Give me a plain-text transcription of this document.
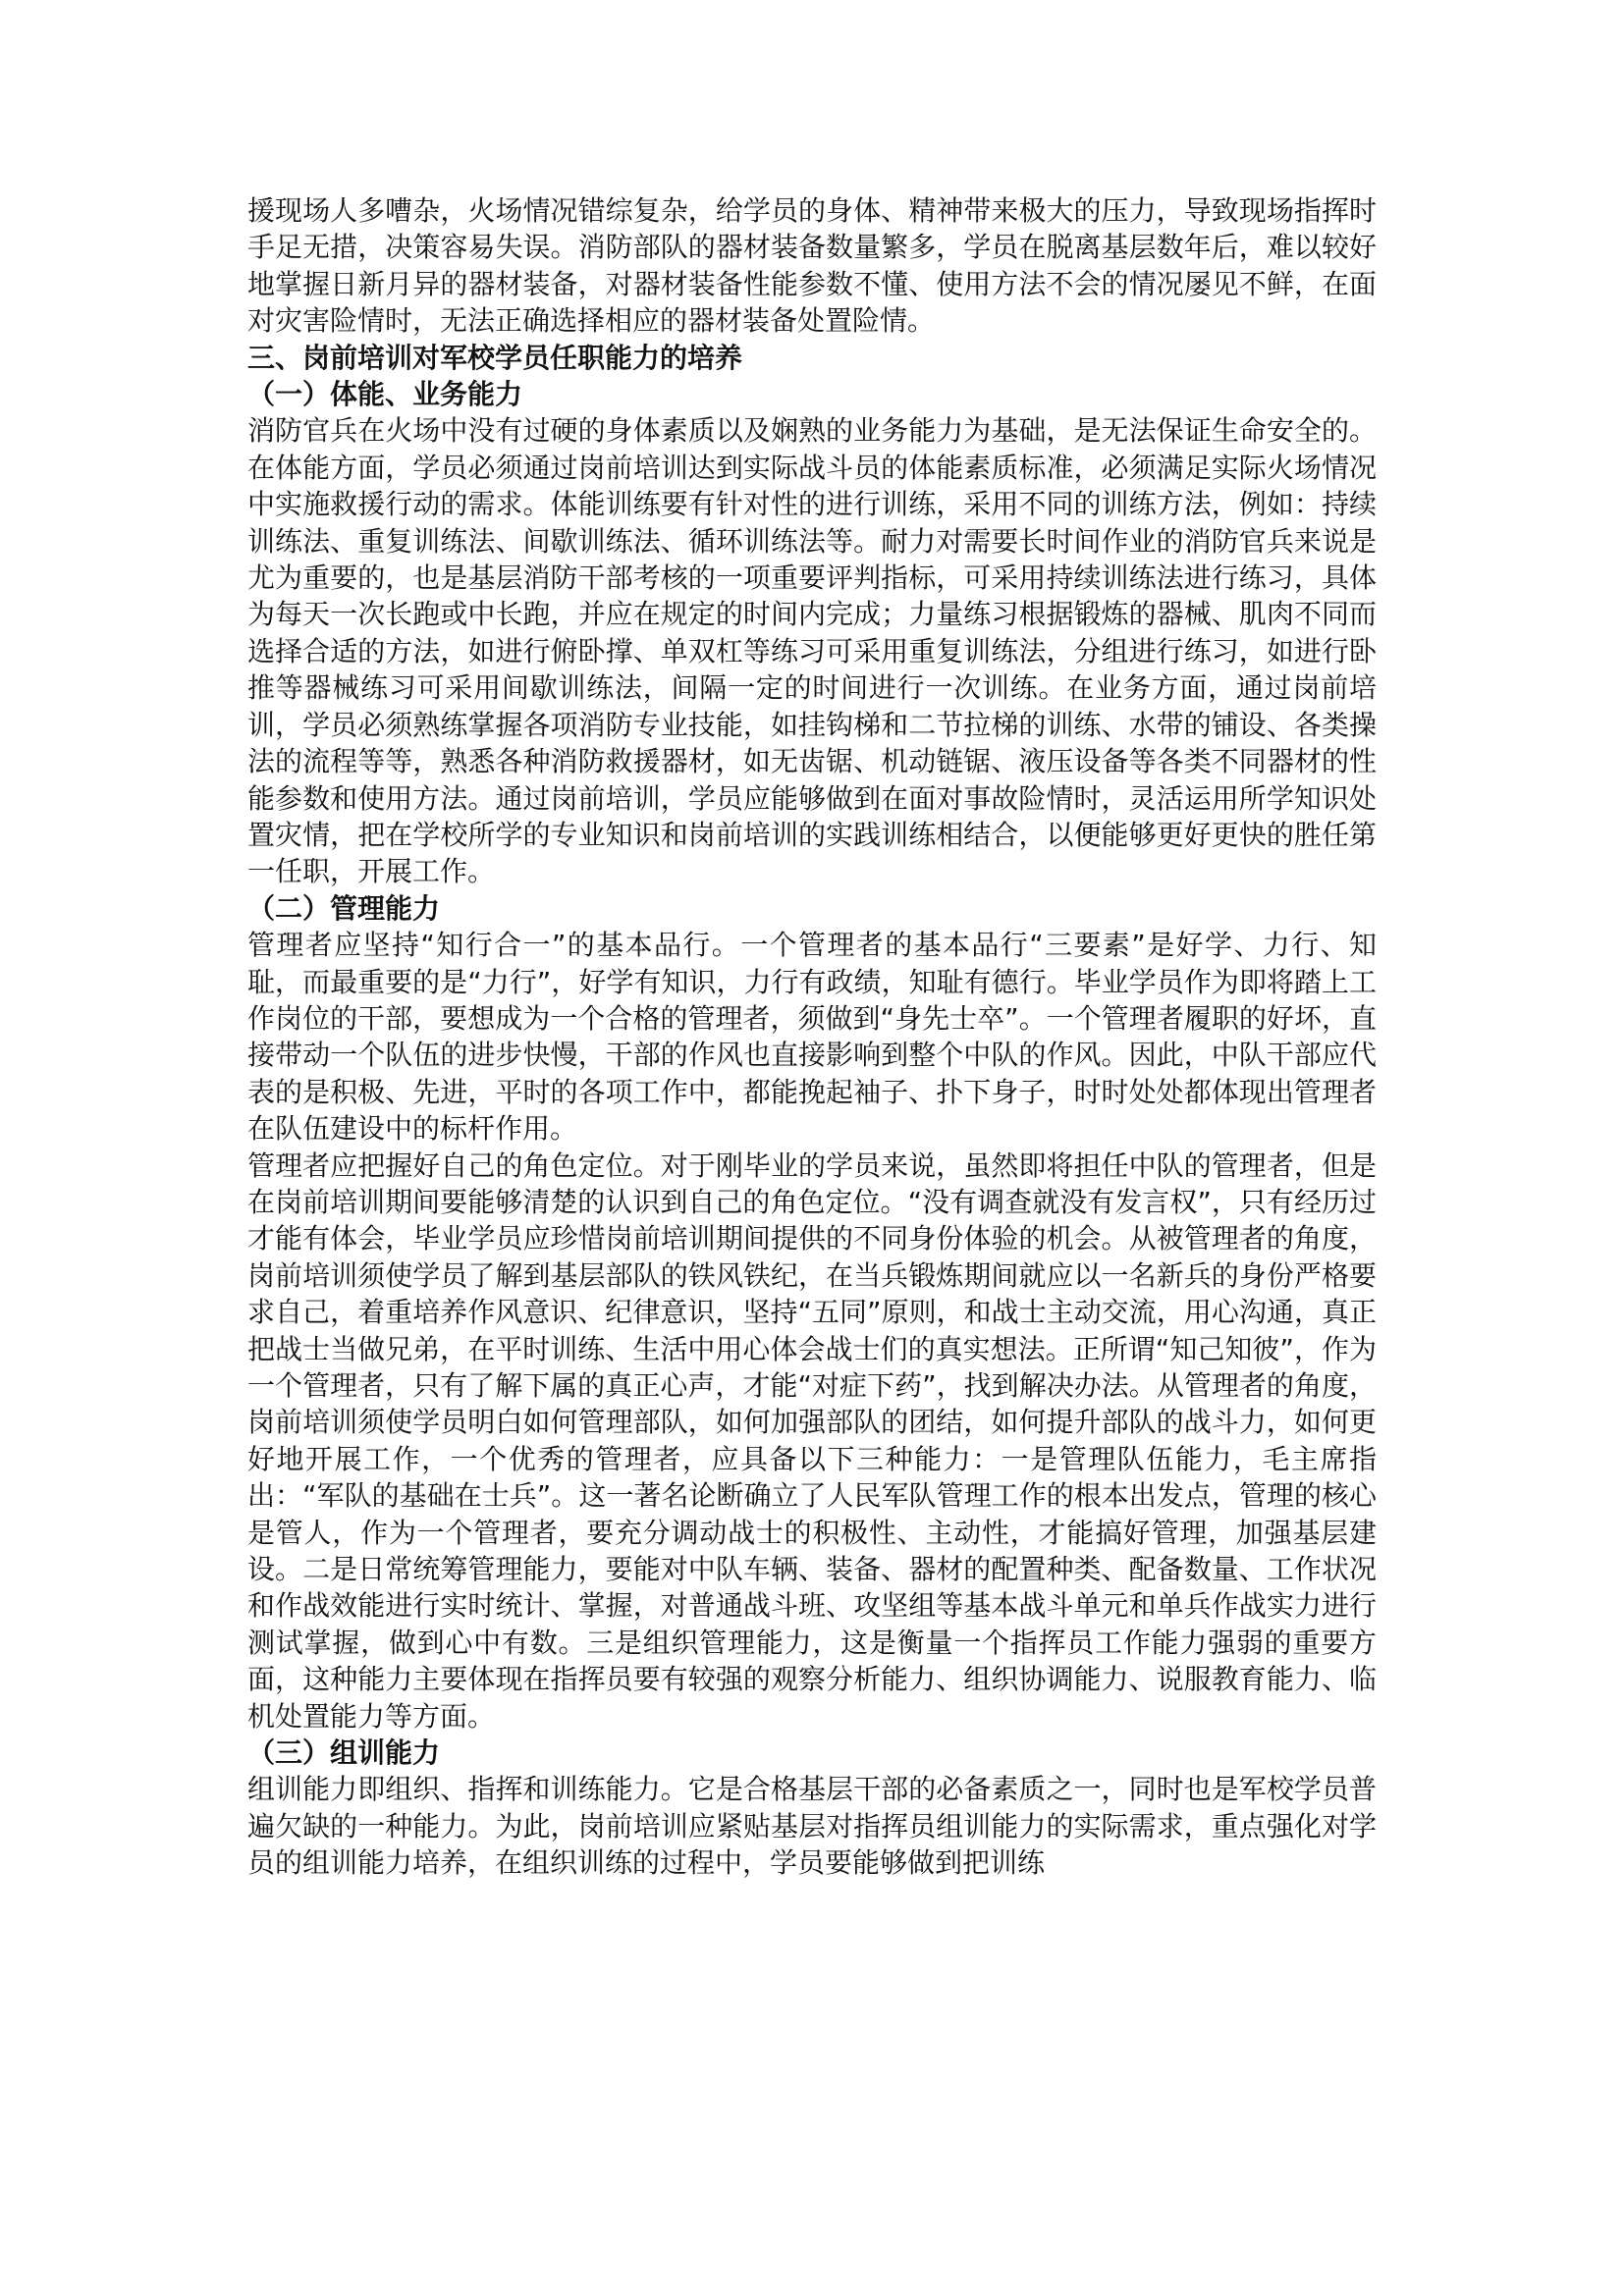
援现场人多嘈杂，火场情况错综复杂，给学员的身体、精神带来极大的压力，导致现场指挥时手足无措，决策容易失误。消防部队的器材装备数量繁多，学员在脱离基层数年后，难以较好地掌握日新月异的器材装备，对器材装备性能参数不懂、使用方法不会的情况屡见不鲜，在面对灾害险情时，无法正确选择相应的器材装备处置险情。

三、岗前培训对军校学员任职能力的培养

（一）体能、业务能力

消防官兵在火场中没有过硬的身体素质以及娴熟的业务能力为基础，是无法保证生命安全的。在体能方面，学员必须通过岗前培训达到实际战斗员的体能素质标准，必须满足实际火场情况中实施救援行动的需求。体能训练要有针对性的进行训练，采用不同的训练方法，例如：持续训练法、重复训练法、间歇训练法、循环训练法等。耐力对需要长时间作业的消防官兵来说是尤为重要的，也是基层消防干部考核的一项重要评判指标，可采用持续训练法进行练习，具体为每天一次长跑或中长跑，并应在规定的时间内完成；力量练习根据锻炼的器械、肌肉不同而选择合适的方法，如进行俯卧撑、单双杠等练习可采用重复训练法，分组进行练习，如进行卧推等器械练习可采用间歇训练法，间隔一定的时间进行一次训练。在业务方面，通过岗前培训，学员必须熟练掌握各项消防专业技能，如挂钩梯和二节拉梯的训练、水带的铺设、各类操法的流程等等，熟悉各种消防救援器材，如无齿锯、机动链锯、液压设备等各类不同器材的性能参数和使用方法。通过岗前培训，学员应能够做到在面对事故险情时，灵活运用所学知识处置灾情，把在学校所学的专业知识和岗前培训的实践训练相结合，以便能够更好更快的胜任第一任职，开展工作。

（二）管理能力

管理者应坚持“知行合一”的基本品行。一个管理者的基本品行“三要素”是好学、力行、知耻，而最重要的是“力行”，好学有知识，力行有政绩，知耻有德行。毕业学员作为即将踏上工作岗位的干部，要想成为一个合格的管理者，须做到“身先士卒”。一个管理者履职的好坏，直接带动一个队伍的进步快慢，干部的作风也直接影响到整个中队的作风。因此，中队干部应代表的是积极、先进，平时的各项工作中，都能挽起袖子、扑下身子，时时处处都体现出管理者在队伍建设中的标杆作用。

管理者应把握好自己的角色定位。对于刚毕业的学员来说，虽然即将担任中队的管理者，但是在岗前培训期间要能够清楚的认识到自己的角色定位。“没有调查就没有发言权”，只有经历过才能有体会，毕业学员应珍惜岗前培训期间提供的不同身份体验的机会。从被管理者的角度，岗前培训须使学员了解到基层部队的铁风铁纪，在当兵锻炼期间就应以一名新兵的身份严格要求自己，着重培养作风意识、纪律意识，坚持“五同”原则，和战士主动交流，用心沟通，真正把战士当做兄弟，在平时训练、生活中用心体会战士们的真实想法。正所谓“知己知彼”，作为一个管理者，只有了解下属的真正心声，才能“对症下药”，找到解决办法。从管理者的角度，岗前培训须使学员明白如何管理部队，如何加强部队的团结，如何提升部队的战斗力，如何更好地开展工作，一个优秀的管理者，应具备以下三种能力：一是管理队伍能力，毛主席指出：“军队的基础在士兵”。这一著名论断确立了人民军队管理工作的根本出发点，管理的核心是管人，作为一个管理者，要充分调动战士的积极性、主动性，才能搞好管理，加强基层建设。二是日常统筹管理能力，要能对中队车辆、装备、器材的配置种类、配备数量、工作状况和作战效能进行实时统计、掌握，对普通战斗班、攻坚组等基本战斗单元和单兵作战实力进行测试掌握，做到心中有数。三是组织管理能力，这是衡量一个指挥员工作能力强弱的重要方面，这种能力主要体现在指挥员要有较强的观察分析能力、组织协调能力、说服教育能力、临机处置能力等方面。

（三）组训能力

组训能力即组织、指挥和训练能力。它是合格基层干部的必备素质之一，同时也是军校学员普遍欠缺的一种能力。为此，岗前培训应紧贴基层对指挥员组训能力的实际需求，重点强化对学员的组训能力培养，在组织训练的过程中，学员要能够做到把训练
